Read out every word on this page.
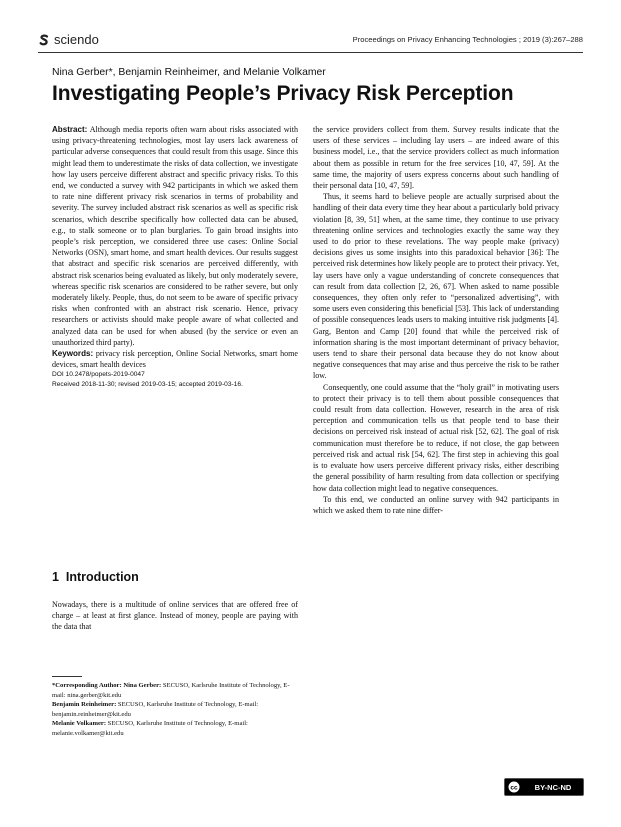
sciendo	Proceedings on Privacy Enhancing Technologies ; 2019 (3):267–288
Nina Gerber*, Benjamin Reinheimer, and Melanie Volkamer
Investigating People’s Privacy Risk Perception

Abstract: Although media reports often warn about risks associated with using privacy-threatening technologies, most lay users lack awareness of particular adverse consequences that could result from this usage. Since this might lead them to underestimate the risks of data collection, we investigate how lay users perceive different abstract and specific privacy risks. To this end, we conducted a survey with 942 participants in which we asked them to rate nine different privacy risk scenarios in terms of probability and severity. The survey included abstract risk scenarios as well as specific risk scenarios, which describe specifically how collected data can be abused, e.g., to stalk someone or to plan burglaries. To gain broad insights into people’s risk perception, we considered three use cases: Online Social Networks (OSN), smart home, and smart health devices. Our results suggest that abstract and specific risk scenarios are perceived differently, with abstract risk scenarios being evaluated as likely, but only moderately severe, whereas specific risk scenarios are considered to be rather severe, but only moderately likely. People, thus, do not seem to be aware of specific privacy risks when confronted with an abstract risk scenario. Hence, privacy researchers or activists should make people aware of what collected and analyzed data can be used for when abused (by the service or even an unauthorized third party).

Keywords: privacy risk perception, Online Social Networks, smart home devices, smart health devices

DOI 10.2478/popets-2019-0047

Received 2018-11-30; revised 2019-03-15; accepted 2019-03-16.

1 Introduction

Nowadays, there is a multitude of online services that are offered free of charge – at least at first glance. Instead of money, people are paying with the data that

*Corresponding Author: Nina Gerber: SECUSO, Karlsruhe Institute of Technology, E-mail: nina.gerber@kit.edu

Benjamin Reinheimer: SECUSO, Karlsruhe Institute of Technology, E-mail: benjamin.reinheimer@kit.edu

Melanie Volkamer: SECUSO, Karlsruhe Institute of Technology, E-mail: melanie.volkamer@kit.edu

the service providers collect from them. Survey results indicate that the users of these services – including lay users – are indeed aware of this business model, i.e., that the service providers collect as much information about them as possible in return for the free services [10, 47, 59]. At the same time, the majority of users express concerns about such handling of their personal data [10, 47, 59].

Thus, it seems hard to believe people are actually surprised about the handling of their data every time they hear about a particularly bold privacy violation [8, 39, 51] when, at the same time, they continue to use privacy threatening online services and technologies exactly the same way they used to do prior to these revelations. The way people make (privacy) decisions gives us some insights into this paradoxical behavior [36]: The perceived risk determines how likely people are to protect their privacy. Yet, lay users have only a vague understanding of concrete consequences that can result from data collection [2, 26, 67]. When asked to name possible consequences, they often only refer to “personalized advertising”, with some users even considering this beneficial [53]. This lack of understanding of possible consequences leads users to making intuitive risk judgments [4]. Garg, Benton and Camp [20] found that while the perceived risk of information sharing is the most important determinant of privacy behavior, users tend to share their personal data because they do not know about negative consequences that may arise and thus perceive the risk to be rather low.

Consequently, one could assume that the “holy grail” in motivating users to protect their privacy is to tell them about possible consequences that could result from data collection. However, research in the area of risk perception and communication tells us that people tend to base their decisions on perceived risk instead of actual risk [52, 62]. The goal of risk communication must therefore be to reduce, if not close, the gap between perceived risk and actual risk [54, 62]. The first step in achieving this goal is to evaluate how users perceive different privacy risks, either describing the general possibility of harm resulting from data collection or specifying how data collection might lead to negative consequences.

To this end, we conducted an online survey with 942 participants in which we asked them to rate nine differ-

cc	BY-NC-ND
